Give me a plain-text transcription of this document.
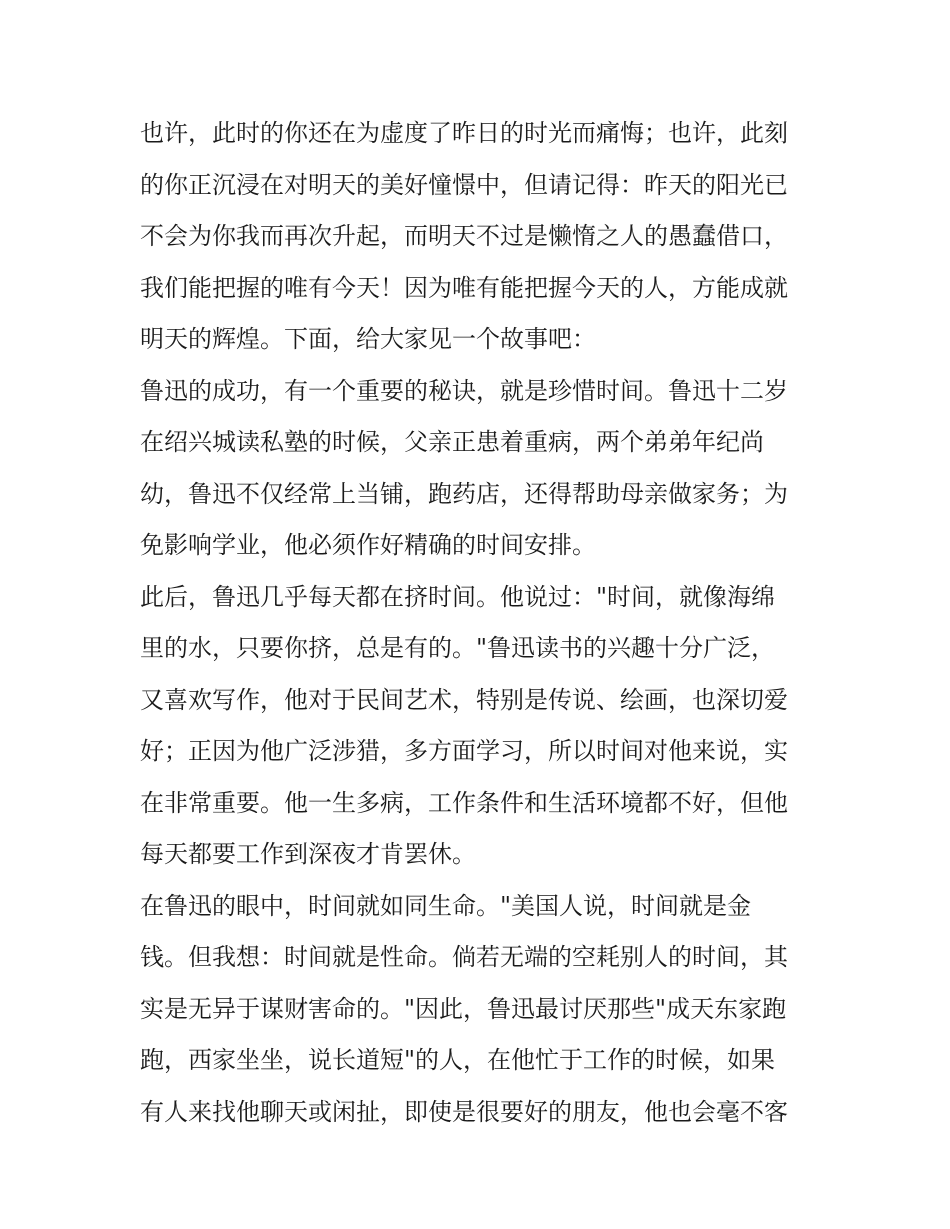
也许，此时的你还在为虚度了昨日的时光而痛悔；也许，此刻
的你正沉浸在对明天的美好憧憬中，但请记得：昨天的阳光已
不会为你我而再次升起，而明天不过是懒惰之人的愚蠢借口，
我们能把握的唯有今天！因为唯有能把握今天的人，方能成就
明天的辉煌。下面，给大家见一个故事吧：
鲁迅的成功，有一个重要的秘诀，就是珍惜时间。鲁迅十二岁
在绍兴城读私塾的时候，父亲正患着重病，两个弟弟年纪尚
幼，鲁迅不仅经常上当铺，跑药店，还得帮助母亲做家务；为
免影响学业，他必须作好精确的时间安排。
此后，鲁迅几乎每天都在挤时间。他说过："时间，就像海绵
里的水，只要你挤，总是有的。"鲁迅读书的兴趣十分广泛，
又喜欢写作，他对于民间艺术，特别是传说、绘画，也深切爱
好；正因为他广泛涉猎，多方面学习，所以时间对他来说，实
在非常重要。他一生多病，工作条件和生活环境都不好，但他
每天都要工作到深夜才肯罢休。
在鲁迅的眼中，时间就如同生命。"美国人说，时间就是金
钱。但我想：时间就是性命。倘若无端的空耗别人的时间，其
实是无异于谋财害命的。"因此，鲁迅最讨厌那些"成天东家跑
跑，西家坐坐，说长道短"的人，在他忙于工作的时候，如果
有人来找他聊天或闲扯，即使是很要好的朋友，他也会毫不客
